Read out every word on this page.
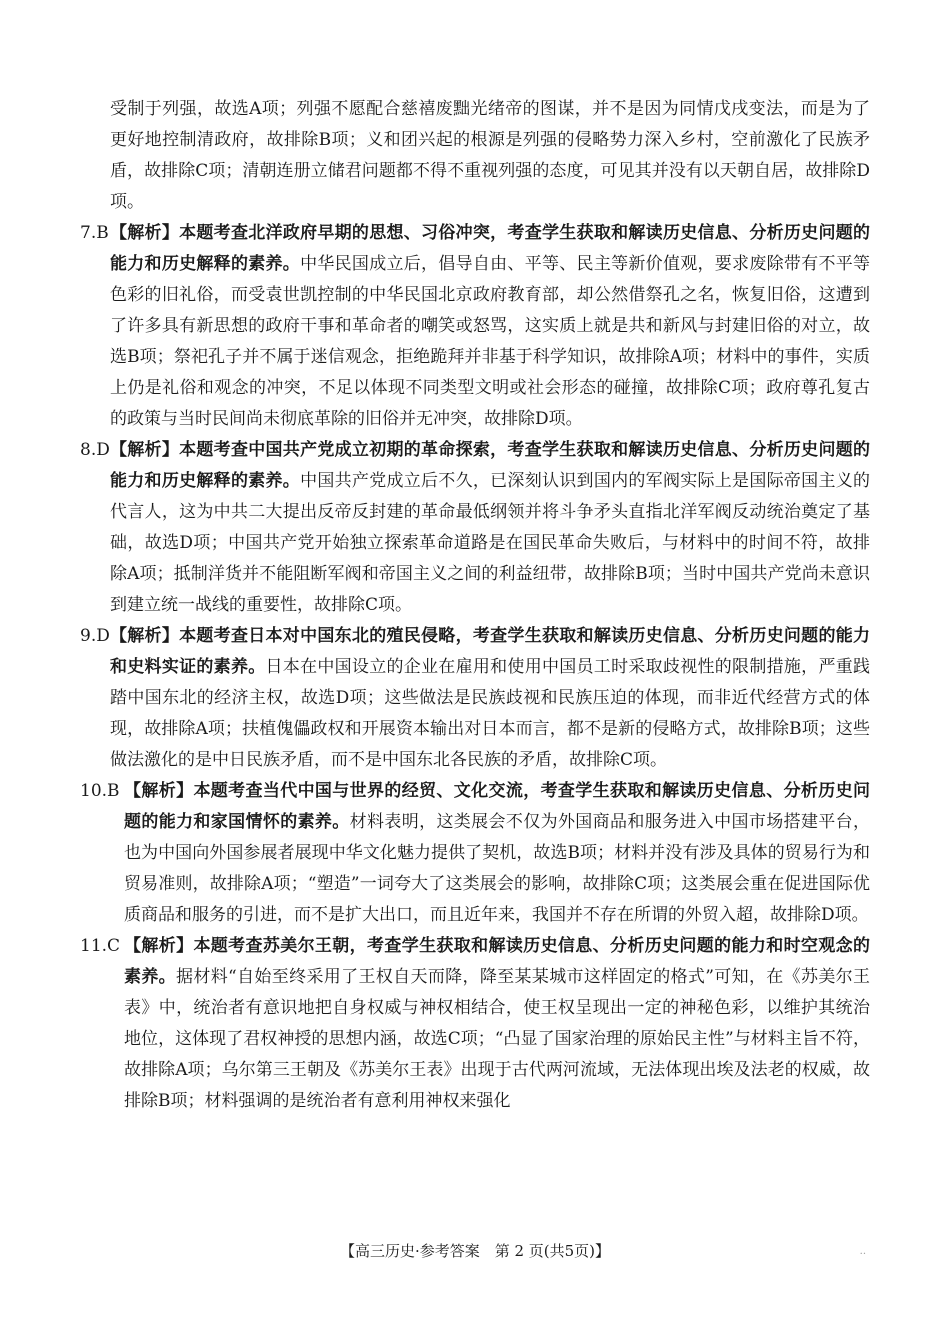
受制于列强，故选A项；列强不愿配合慈禧废黜光绪帝的图谋，并不是因为同情戊戌变法，而是为了更好地控制清政府，故排除B项；义和团兴起的根源是列强的侵略势力深入乡村，空前激化了民族矛盾，故排除C项；清朝连册立储君问题都不得不重视列强的态度，可见其并没有以天朝自居，故排除D项。
7.B 【解析】本题考查北洋政府早期的思想、习俗冲突，考查学生获取和解读历史信息、分析历史问题的能力和历史解释的素养。中华民国成立后，倡导自由、平等、民主等新价值观，要求废除带有不平等色彩的旧礼俗，而受袁世凯控制的中华民国北京政府教育部，却公然借祭孔之名，恢复旧俗，这遭到了许多具有新思想的政府干事和革命者的嘲笑或怒骂，这实质上就是共和新风与封建旧俗的对立，故选B项；祭祀孔子并不属于迷信观念，拒绝跪拜并非基于科学知识，故排除A项；材料中的事件，实质上仍是礼俗和观念的冲突，不足以体现不同类型文明或社会形态的碰撞，故排除C项；政府尊孔复古的政策与当时民间尚未彻底革除的旧俗并无冲突，故排除D项。
8.D 【解析】本题考查中国共产党成立初期的革命探索，考查学生获取和解读历史信息、分析历史问题的能力和历史解释的素养。中国共产党成立后不久，已深刻认识到国内的军阀实际上是国际帝国主义的代言人，这为中共二大提出反帝反封建的革命最低纲领并将斗争矛头直指北洋军阀反动统治奠定了基础，故选D项；中国共产党开始独立探索革命道路是在国民革命失败后，与材料中的时间不符，故排除A项；抵制洋货并不能阻断军阀和帝国主义之间的利益纽带，故排除B项；当时中国共产党尚未意识到建立统一战线的重要性，故排除C项。
9.D 【解析】本题考查日本对中国东北的殖民侵略，考查学生获取和解读历史信息、分析历史问题的能力和史料实证的素养。日本在中国设立的企业在雇用和使用中国员工时采取歧视性的限制措施，严重践踏中国东北的经济主权，故选D项；这些做法是民族歧视和民族压迫的体现，而非近代经营方式的体现，故排除A项；扶植傀儡政权和开展资本输出对日本而言，都不是新的侵略方式，故排除B项；这些做法激化的是中日民族矛盾，而不是中国东北各民族的矛盾，故排除C项。
10.B 【解析】本题考查当代中国与世界的经贸、文化交流，考查学生获取和解读历史信息、分析历史问题的能力和家国情怀的素养。材料表明，这类展会不仅为外国商品和服务进入中国市场搭建平台，也为中国向外国参展者展现中华文化魅力提供了契机，故选B项；材料并没有涉及具体的贸易行为和贸易准则，故排除A项；“塑造”一词夸大了这类展会的影响，故排除C项；这类展会重在促进国际优质商品和服务的引进，而不是扩大出口，而且近年来，我国并不存在所谓的外贸入超，故排除D项。
11.C 【解析】本题考查苏美尔王朝，考查学生获取和解读历史信息、分析历史问题的能力和时空观念的素养。据材料“自始至终采用了王权自天而降，降至某某城市这样固定的格式”可知，在《苏美尔王表》中，统治者有意识地把自身权威与神权相结合，使王权呈现出一定的神秘色彩，以维护其统治地位，这体现了君权神授的思想内涵，故选C项；“凸显了国家治理的原始民主性”与材料主旨不符，故排除A项；乌尔第三王朝及《苏美尔王表》出现于古代两河流域，无法体现出埃及法老的权威，故排除B项；材料强调的是统治者有意利用神权来强化
【高三历史·参考答案　第 2 页(共5页)】	..
